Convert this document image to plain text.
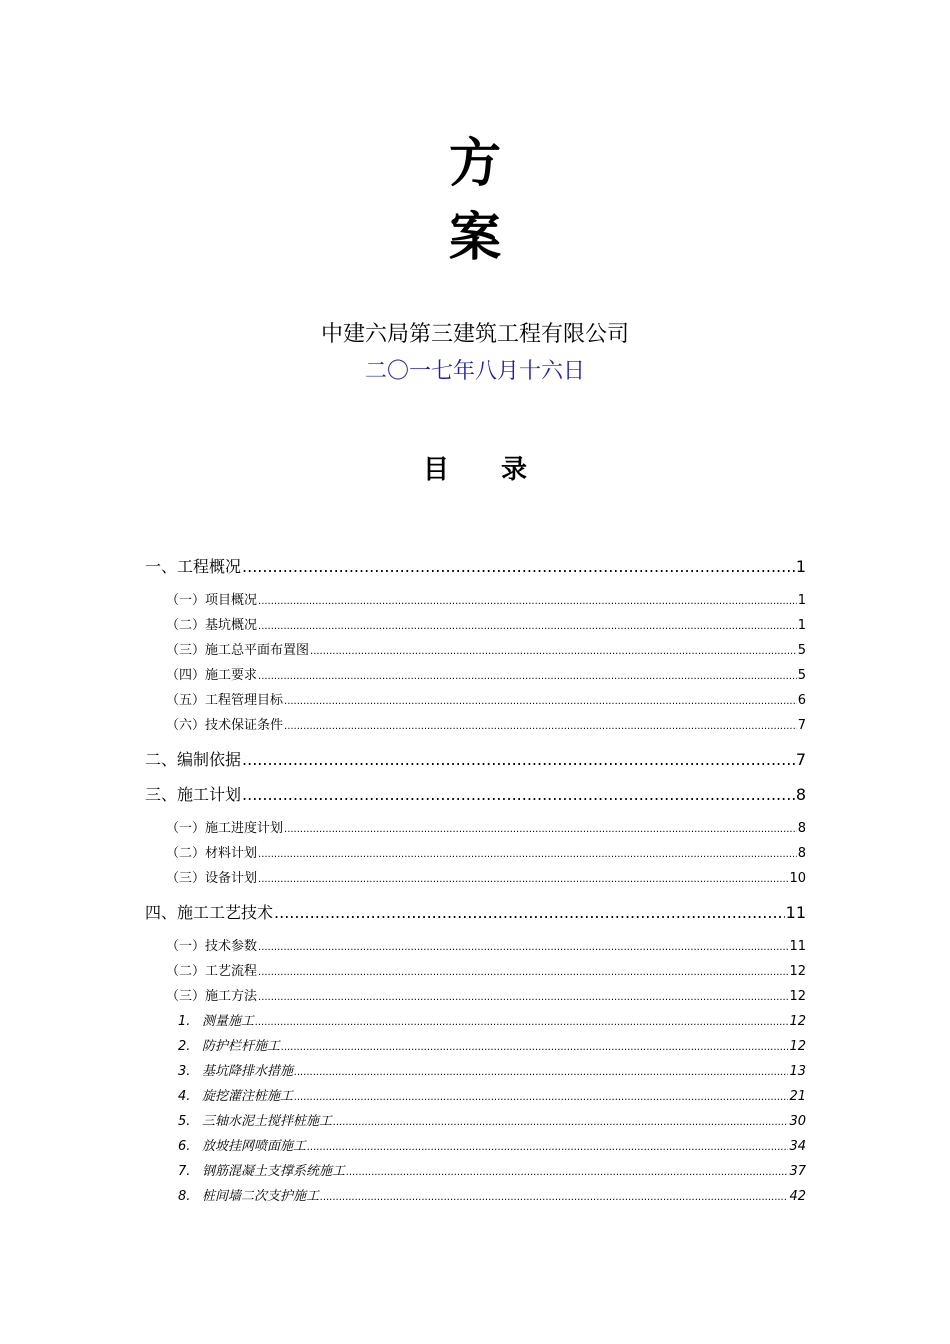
方
案
中建六局第三建筑工程有限公司
二〇一七年八月十六日
目 录
一、工程概况 .....	1
（一）项目概况 .....	1
（二）基坑概况 .....	1
（三）施工总平面布置图 .....	5
（四）施工要求 .....	5
（五）工程管理目标 .....	6
（六）技术保证条件 .....	7
二、编制依据 .....	7
三、施工计划 .....	8
（一）施工进度计划 .....	8
（二）材料计划 .....	8
（三）设备计划 .....	10
四、施工工艺技术 .....	11
（一）技术参数 .....	11
（二）工艺流程 .....	12
（三）施工方法 .....	12
1. 测量施工 .....	12
2. 防护栏杆施工 .....	12
3. 基坑降排水措施 .....	13
4. 旋挖灌注桩施工 .....	21
5. 三轴水泥土搅拌桩施工 .....	30
6. 放坡挂网喷面施工 .....	34
7. 钢筋混凝土支撑系统施工 .....	37
8. 桩间墙二次支护施工 .....	42
